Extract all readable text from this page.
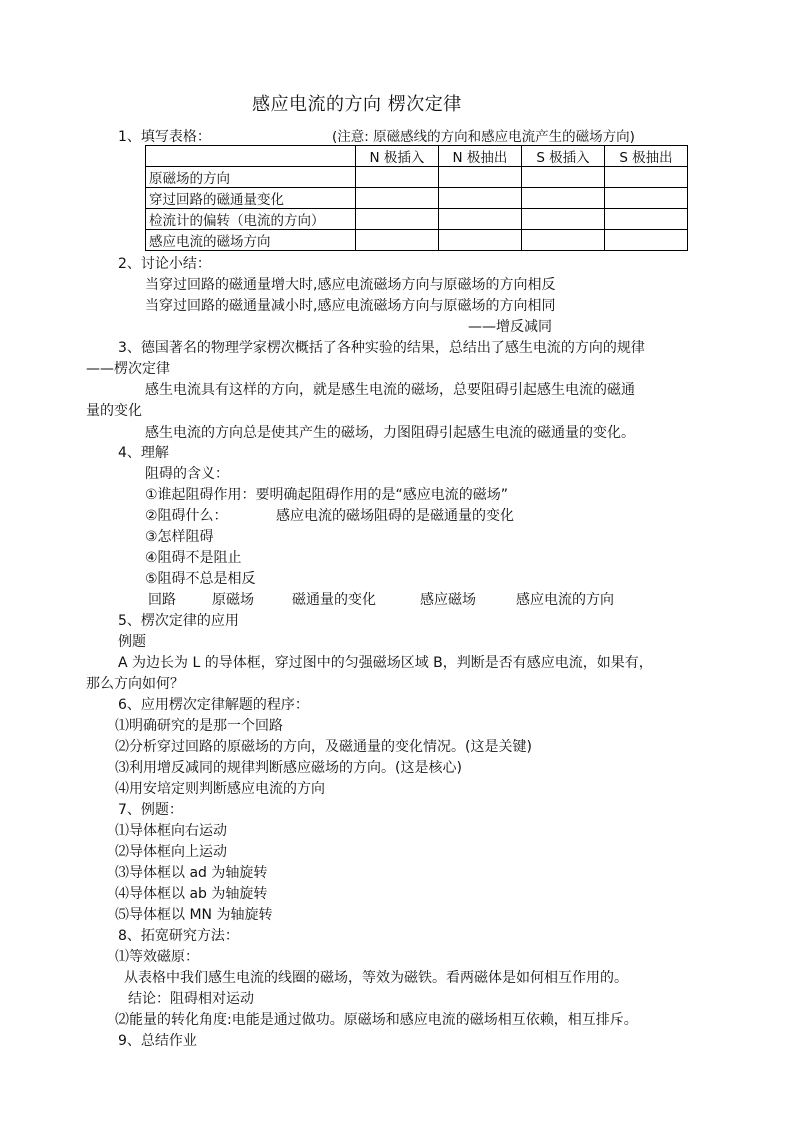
感应电流的方向 楞次定律
1、填写表格：	(注意: 原磁感线的方向和感应电流产生的磁场方向)
	N 极插入	N 极抽出	S 极插入	S 极抽出
原磁场的方向				
穿过回路的磁通量变化				
检流计的偏转（电流的方向）				
感应电流的磁场方向				
2、讨论小结：
当穿过回路的磁通量增大时,感应电流磁场方向与原磁场的方向相反
当穿过回路的磁通量减小时,感应电流磁场方向与原磁场的方向相同
——增反减同
3、德国著名的物理学家楞次概括了各种实验的结果，总结出了感生电流的方向的规律
——楞次定律
感生电流具有这样的方向，就是感生电流的磁场，总要阻碍引起感生电流的磁通
量的变化
感生电流的方向总是使其产生的磁场，力图阻碍引起感生电流的磁通量的变化。
4、理解
阻碍的含义：
①谁起阻碍作用：要明确起阻碍作用的是“感应电流的磁场”
②阻碍什么：	感应电流的磁场阻碍的是磁通量的变化
③怎样阻碍
④阻碍不是阻止
⑤阻碍不总是相反
回路	原磁场	磁通量的变化	感应磁场	感应电流的方向
5、楞次定律的应用
例题
A 为边长为 L 的导体框，穿过图中的匀强磁场区域 B，判断是否有感应电流，如果有，
那么方向如何？
6、应用楞次定律解题的程序：
⑴明确研究的是那一个回路
⑵分析穿过回路的原磁场的方向，及磁通量的变化情况。(这是关键)
⑶利用增反减同的规律判断感应磁场的方向。(这是核心)
⑷用安培定则判断感应电流的方向
7、例题：
⑴导体框向右运动
⑵导体框向上运动
⑶导体框以 ad 为轴旋转
⑷导体框以 ab 为轴旋转
⑸导体框以 MN 为轴旋转
8、拓宽研究方法：
⑴等效磁原：
从表格中我们感生电流的线圈的磁场，等效为磁铁。看两磁体是如何相互作用的。
结论：阻碍相对运动
⑵能量的转化角度:电能是通过做功。原磁场和感应电流的磁场相互依赖，相互排斥。
9、总结作业
